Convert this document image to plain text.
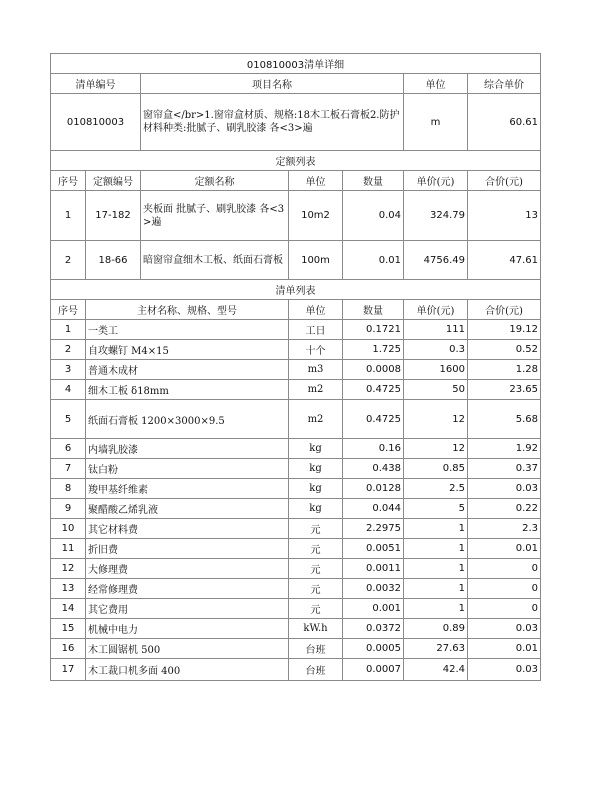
010810003清单详细						
清单编号		项目名称			单位	综合单价
010810003		窗帘盒</br>1.窗帘盒材质、规格:18木工板石膏板2.防护材料种类:批腻子、刷乳胶漆 各<3>遍			m	60.61
定额列表						
序号	定额编号	定额名称	单位	数量	单价(元)	合价(元)
1	17-182	夹板面 批腻子、刷乳胶漆 各<3>遍	10m2	0.04	324.79	13
2	18-66	暗窗帘盒细木工板、纸面石膏板	100m	0.01	4756.49	47.61
清单列表						
序号	主材名称、规格、型号		单位	数量	单价(元)	合价(元)
1	一类工		工日	0.1721	111	19.12
2	自攻螺钉 M4×15		十个	1.725	0.3	0.52
3	普通木成材		m3	0.0008	1600	1.28
4	细木工板 δ18mm		m2	0.4725	50	23.65
5	纸面石膏板 1200×3000×9.5		m2	0.4725	12	5.68
6	内墙乳胶漆		kg	0.16	12	1.92
7	钛白粉		kg	0.438	0.85	0.37
8	羧甲基纤维素		kg	0.0128	2.5	0.03
9	聚醋酸乙烯乳液		kg	0.044	5	0.22
10	其它材料费		元	2.2975	1	2.3
11	折旧费		元	0.0051	1	0.01
12	大修理费		元	0.0011	1	0
13	经常修理费		元	0.0032	1	0
14	其它费用		元	0.001	1	0
15	机械中电力		kW.h	0.0372	0.89	0.03
16	木工圆锯机 500		台班	0.0005	27.63	0.01
17	木工裁口机多面 400		台班	0.0007	42.4	0.03
